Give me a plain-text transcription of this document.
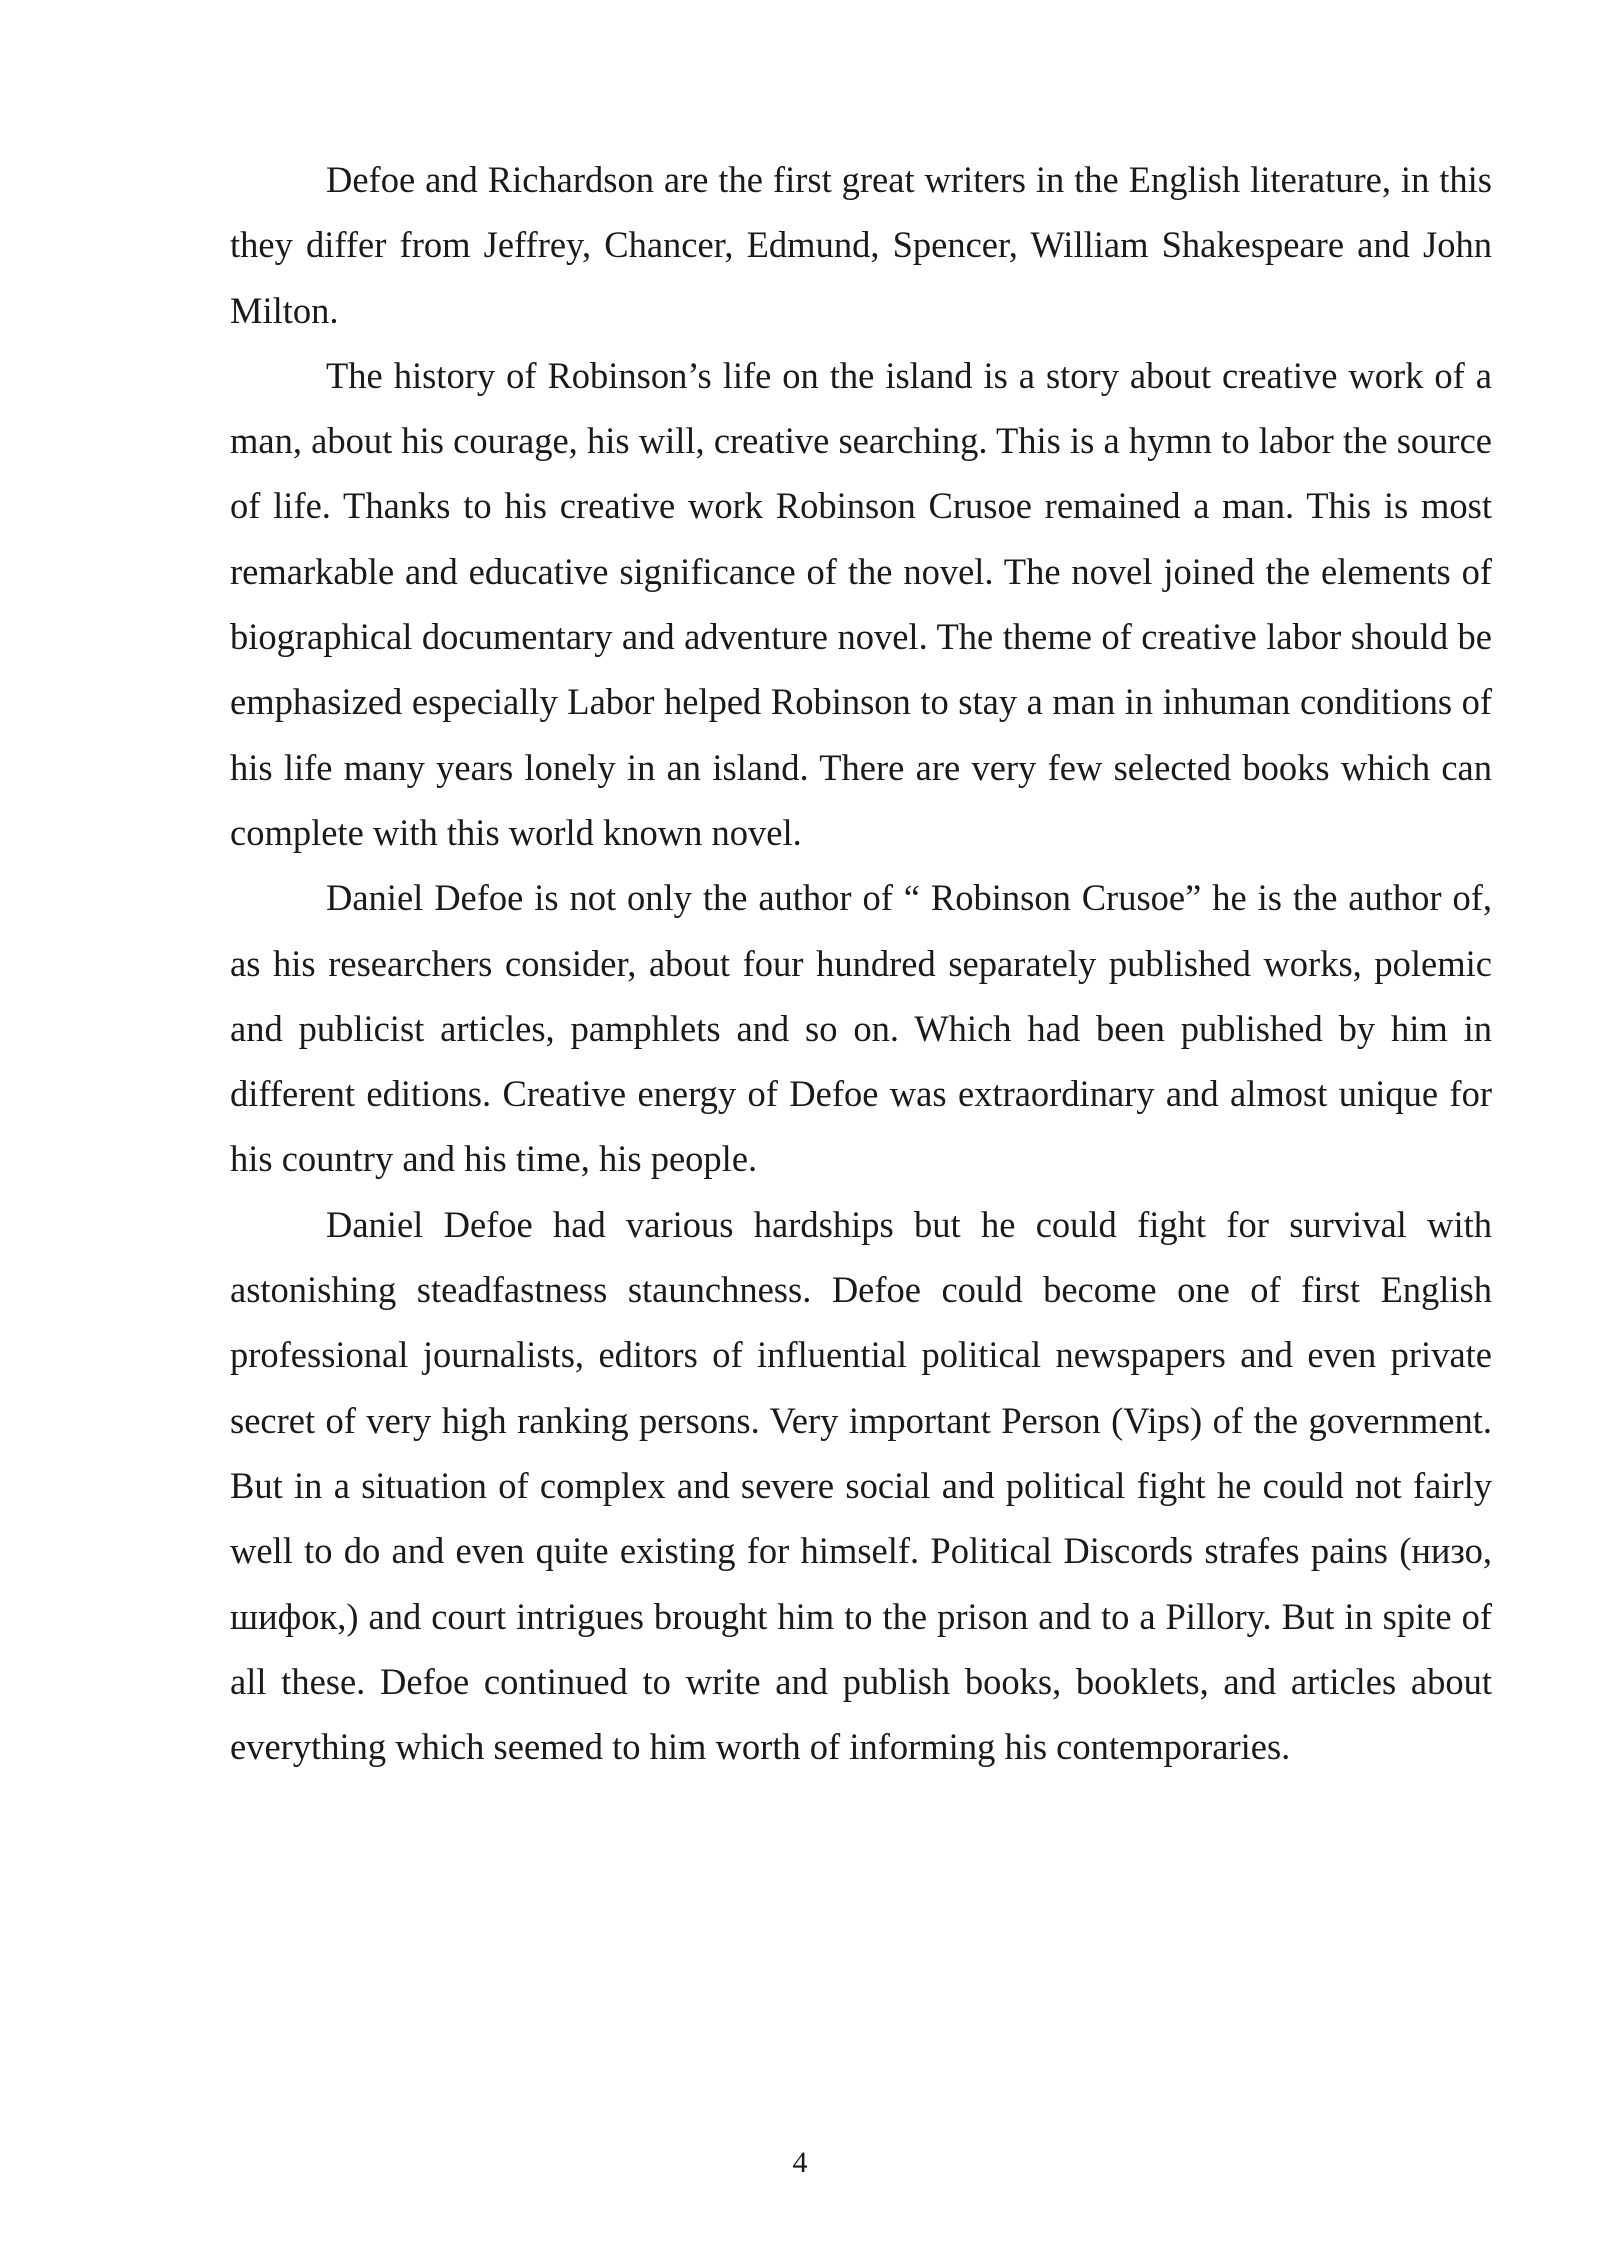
Defoe and Richardson are the first great writers in the English literature, in this they differ from Jeffrey, Chancer, Edmund, Spencer, William Shakespeare and John Milton.

The history of Robinson’s life on the island is a story about creative work of a man, about his courage, his will, creative searching. This is a hymn to labor the source of life. Thanks to his creative work Robinson Crusoe remained a man. This is most remarkable and educative significance of the novel. The novel joined the elements of biographical documentary and adventure novel. The theme of creative labor should be emphasized especially Labor helped Robinson to stay a man in inhuman conditions of his life many years lonely in an island. There are very few selected books which can complete with this world known novel.

Daniel Defoe is not only the author of “ Robinson Crusoe” he is the author of, as his researchers consider, about four hundred separately published works, polemic and publicist articles, pamphlets and so on. Which had been published by him in different editions. Creative energy of Defoe was extraordinary and almost unique for his country and his time, his people.

Daniel Defoe had various hardships but he could fight for survival with astonishing steadfastness staunchness. Defoe could become one of first English professional journalists, editors of influential political newspapers and even private secret of very high ranking persons. Very important Person (Vips) of the government. But in a situation of complex and severe social and political fight he could not fairly well to do and even quite existing for himself. Political Discords strafes pains (низо, шифок,) and court intrigues brought him to the prison and to a Pillory. But in spite of all these. Defoe continued to write and publish books, booklets, and articles about everything which seemed to him worth of informing his contemporaries.

4
